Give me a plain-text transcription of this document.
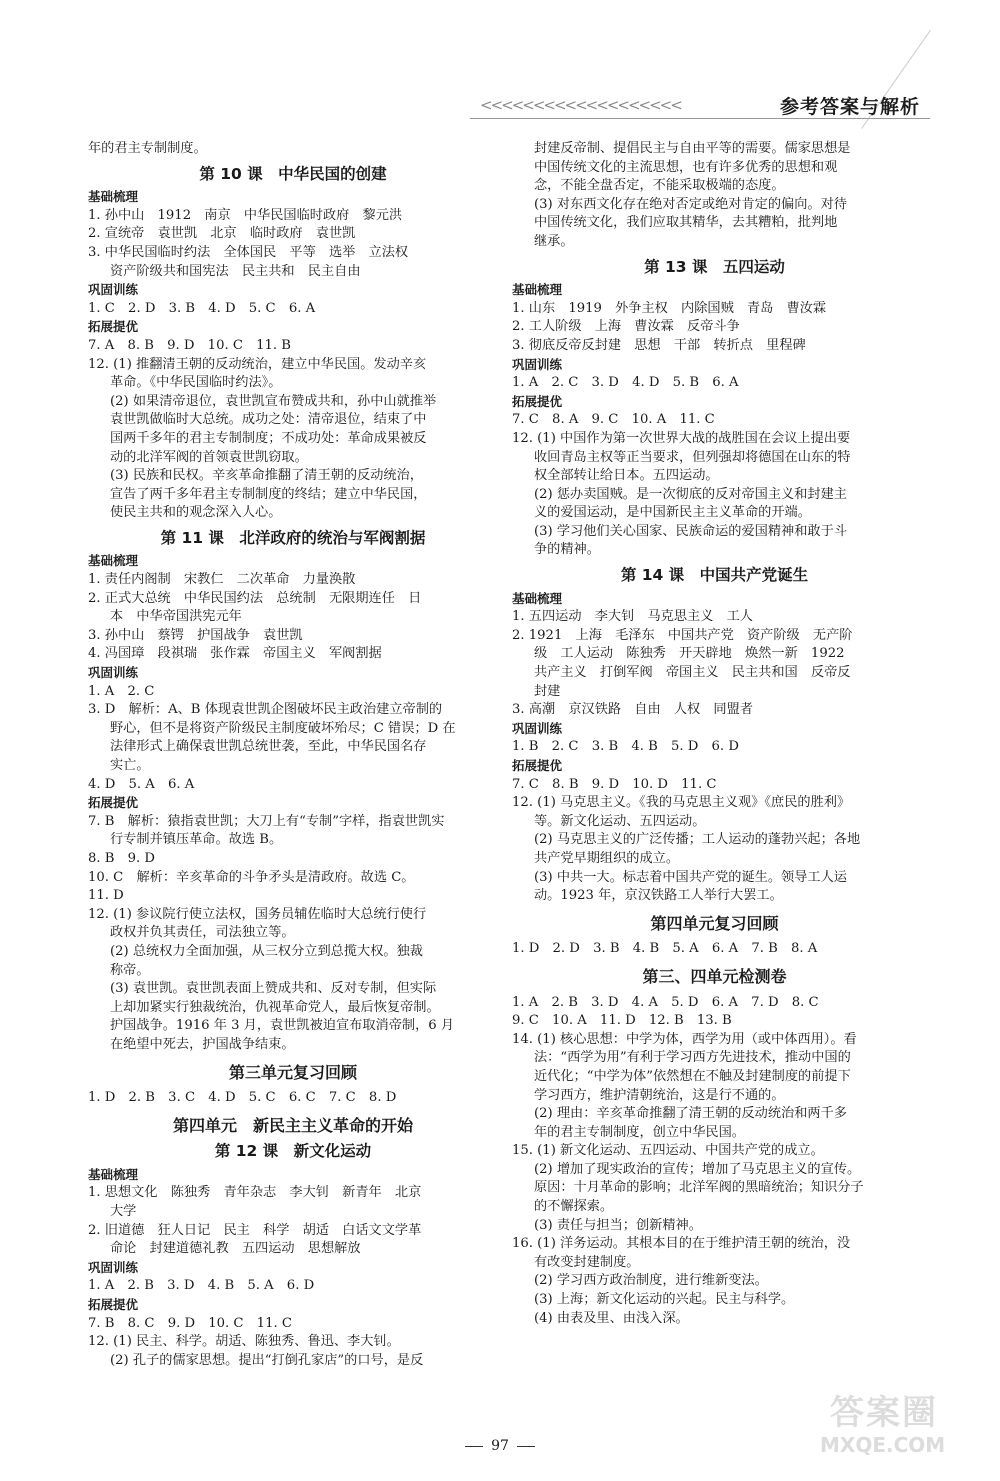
<<<<<<<<<<<<<<<<<<<	参考答案与解析
年的君主专制制度。
第 10 课　中华民国的创建
基础梳理
1. 孙中山　1912　南京　中华民国临时政府　黎元洪
2. 宣统帝　袁世凯　北京　临时政府　袁世凯
3. 中华民国临时约法　全体国民　平等　选举　立法权
资产阶级共和国宪法　民主共和　民主自由
巩固训练
1. C　2. D　3. B　4. D　5. C　6. A
拓展提优
7. A　8. B　9. D　10. C　11. B
12. (1) 推翻清王朝的反动统治，建立中华民国。发动辛亥
革命。《中华民国临时约法》。
(2) 如果清帝退位，袁世凯宣布赞成共和，孙中山就推举
袁世凯做临时大总统。成功之处：清帝退位，结束了中
国两千多年的君主专制制度；不成功处：革命成果被反
动的北洋军阀的首领袁世凯窃取。
(3) 民族和民权。辛亥革命推翻了清王朝的反动统治，
宣告了两千多年君主专制制度的终结；建立中华民国，
使民主共和的观念深入人心。
第 11 课　北洋政府的统治与军阀割据
基础梳理
1. 责任内阁制　宋教仁　二次革命　力量涣散
2. 正式大总统　中华民国约法　总统制　无限期连任　日
本　中华帝国洪宪元年
3. 孙中山　蔡锷　护国战争　袁世凯
4. 冯国璋　段祺瑞　张作霖　帝国主义　军阀割据
巩固训练
1. A　2. C
3. D　解析：A、B 体现袁世凯企图破坏民主政治建立帝制的
野心，但不是将资产阶级民主制度破坏殆尽；C 错误；D 在
法律形式上确保袁世凯总统世袭，至此，中华民国名存
实亡。
4. D　5. A　6. A
拓展提优
7. B　解析：猿指袁世凯；大刀上有“专制”字样，指袁世凯实
行专制并镇压革命。故选 B。
8. B　9. D
10. C　解析：辛亥革命的斗争矛头是清政府。故选 C。
11. D
12. (1) 参议院行使立法权，国务员辅佐临时大总统行使行
政权并负其责任，司法独立等。
(2) 总统权力全面加强，从三权分立到总揽大权。独裁
称帝。
(3) 袁世凯。袁世凯表面上赞成共和、反对专制，但实际
上却加紧实行独裁统治，仇视革命党人，最后恢复帝制。
护国战争。1916 年 3 月，袁世凯被迫宣布取消帝制，6 月
在绝望中死去，护国战争结束。
第三单元复习回顾
1. D　2. B　3. C　4. D　5. C　6. C　7. C　8. D
第四单元　新民主主义革命的开始
第 12 课　新文化运动
基础梳理
1. 思想文化　陈独秀　青年杂志　李大钊　新青年　北京
大学
2. 旧道德　狂人日记　民主　科学　胡适　白话文文学革
命论　封建道德礼教　五四运动　思想解放
巩固训练
1. A　2. B　3. D　4. B　5. A　6. D
拓展提优
7. B　8. C　9. D　10. C　11. C
12. (1) 民主、科学。胡适、陈独秀、鲁迅、李大钊。
(2) 孔子的儒家思想。提出“打倒孔家店”的口号，是反
封建反帝制、提倡民主与自由平等的需要。儒家思想是
中国传统文化的主流思想，也有许多优秀的思想和观
念，不能全盘否定，不能采取极端的态度。
(3) 对东西文化存在绝对否定或绝对肯定的偏向。对待
中国传统文化，我们应取其精华，去其糟粕，批判地
继承。
第 13 课　五四运动
基础梳理
1. 山东　1919　外争主权　内除国贼　青岛　曹汝霖
2. 工人阶级　上海　曹汝霖　反帝斗争
3. 彻底反帝反封建　思想　干部　转折点　里程碑
巩固训练
1. A　2. C　3. D　4. D　5. B　6. A
拓展提优
7. C　8. A　9. C　10. A　11. C
12. (1) 中国作为第一次世界大战的战胜国在会议上提出要
收回青岛主权等正当要求，但列强却将德国在山东的特
权全部转让给日本。五四运动。
(2) 惩办卖国贼。是一次彻底的反对帝国主义和封建主
义的爱国运动，是中国新民主主义革命的开端。
(3) 学习他们关心国家、民族命运的爱国精神和敢于斗
争的精神。
第 14 课　中国共产党诞生
基础梳理
1. 五四运动　李大钊　马克思主义　工人
2. 1921　上海　毛泽东　中国共产党　资产阶级　无产阶
级　工人运动　陈独秀　开天辟地　焕然一新　1922
共产主义　打倒军阀　帝国主义　民主共和国　反帝反
封建
3. 高潮　京汉铁路　自由　人权　同盟者
巩固训练
1. B　2. C　3. B　4. B　5. D　6. D
拓展提优
7. C　8. B　9. D　10. D　11. C
12. (1) 马克思主义。《我的马克思主义观》《庶民的胜利》
等。新文化运动、五四运动。
(2) 马克思主义的广泛传播；工人运动的蓬勃兴起；各地
共产党早期组织的成立。
(3) 中共一大。标志着中国共产党的诞生。领导工人运
动。1923 年，京汉铁路工人举行大罢工。
第四单元复习回顾
1. D　2. D　3. B　4. B　5. A　6. A　7. B　8. A
第三、四单元检测卷
1. A　2. B　3. D　4. A　5. D　6. A　7. D　8. C
9. C　10. A　11. D　12. B　13. B
14. (1) 核心思想：中学为体，西学为用（或中体西用）。看
法：“西学为用”有利于学习西方先进技术，推动中国的
近代化；“中学为体”依然想在不触及封建制度的前提下
学习西方，维护清朝统治，这是行不通的。
(2) 理由：辛亥革命推翻了清王朝的反动统治和两千多
年的君主专制制度，创立中华民国。
15. (1) 新文化运动、五四运动、中国共产党的成立。
(2) 增加了现实政治的宣传；增加了马克思主义的宣传。
原因：十月革命的影响；北洋军阀的黑暗统治；知识分子
的不懈探索。
(3) 责任与担当；创新精神。
16. (1) 洋务运动。其根本目的在于维护清王朝的统治，没
有改变封建制度。
(2) 学习西方政治制度，进行维新变法。
(3) 上海；新文化运动的兴起。民主与科学。
(4) 由表及里、由浅入深。
97
答案圈
MXQE.COM
